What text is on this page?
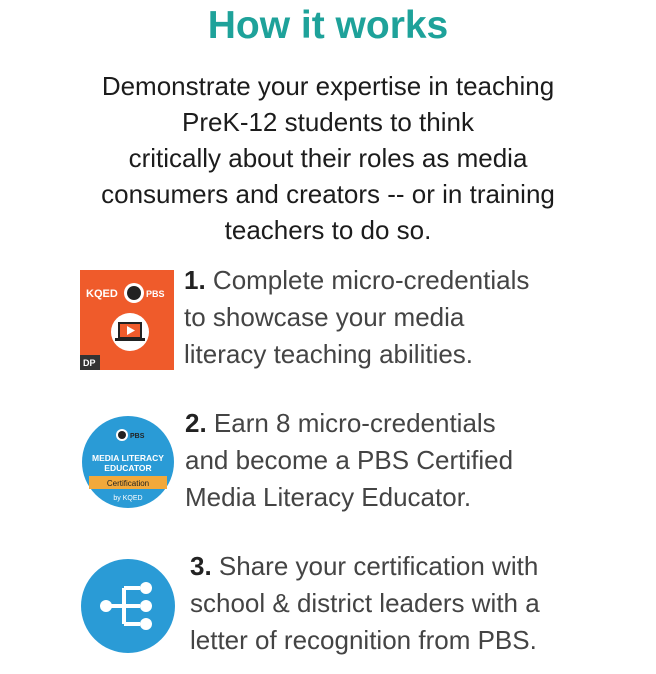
How it works
Demonstrate your expertise in teaching
PreK-12 students to think
critically about their roles as media
consumers and creators -- or in training
teachers to do so.
KQED	PBS
DP
1. Complete micro-credentials
to showcase your media
literacy teaching abilities.
PBS
MEDIA LITERACY
EDUCATOR
Certification
by KQED
2. Earn 8 micro-credentials
and become a PBS Certified
Media Literacy Educator.
3. Share your certification with
school & district leaders with a
letter of recognition from PBS.
